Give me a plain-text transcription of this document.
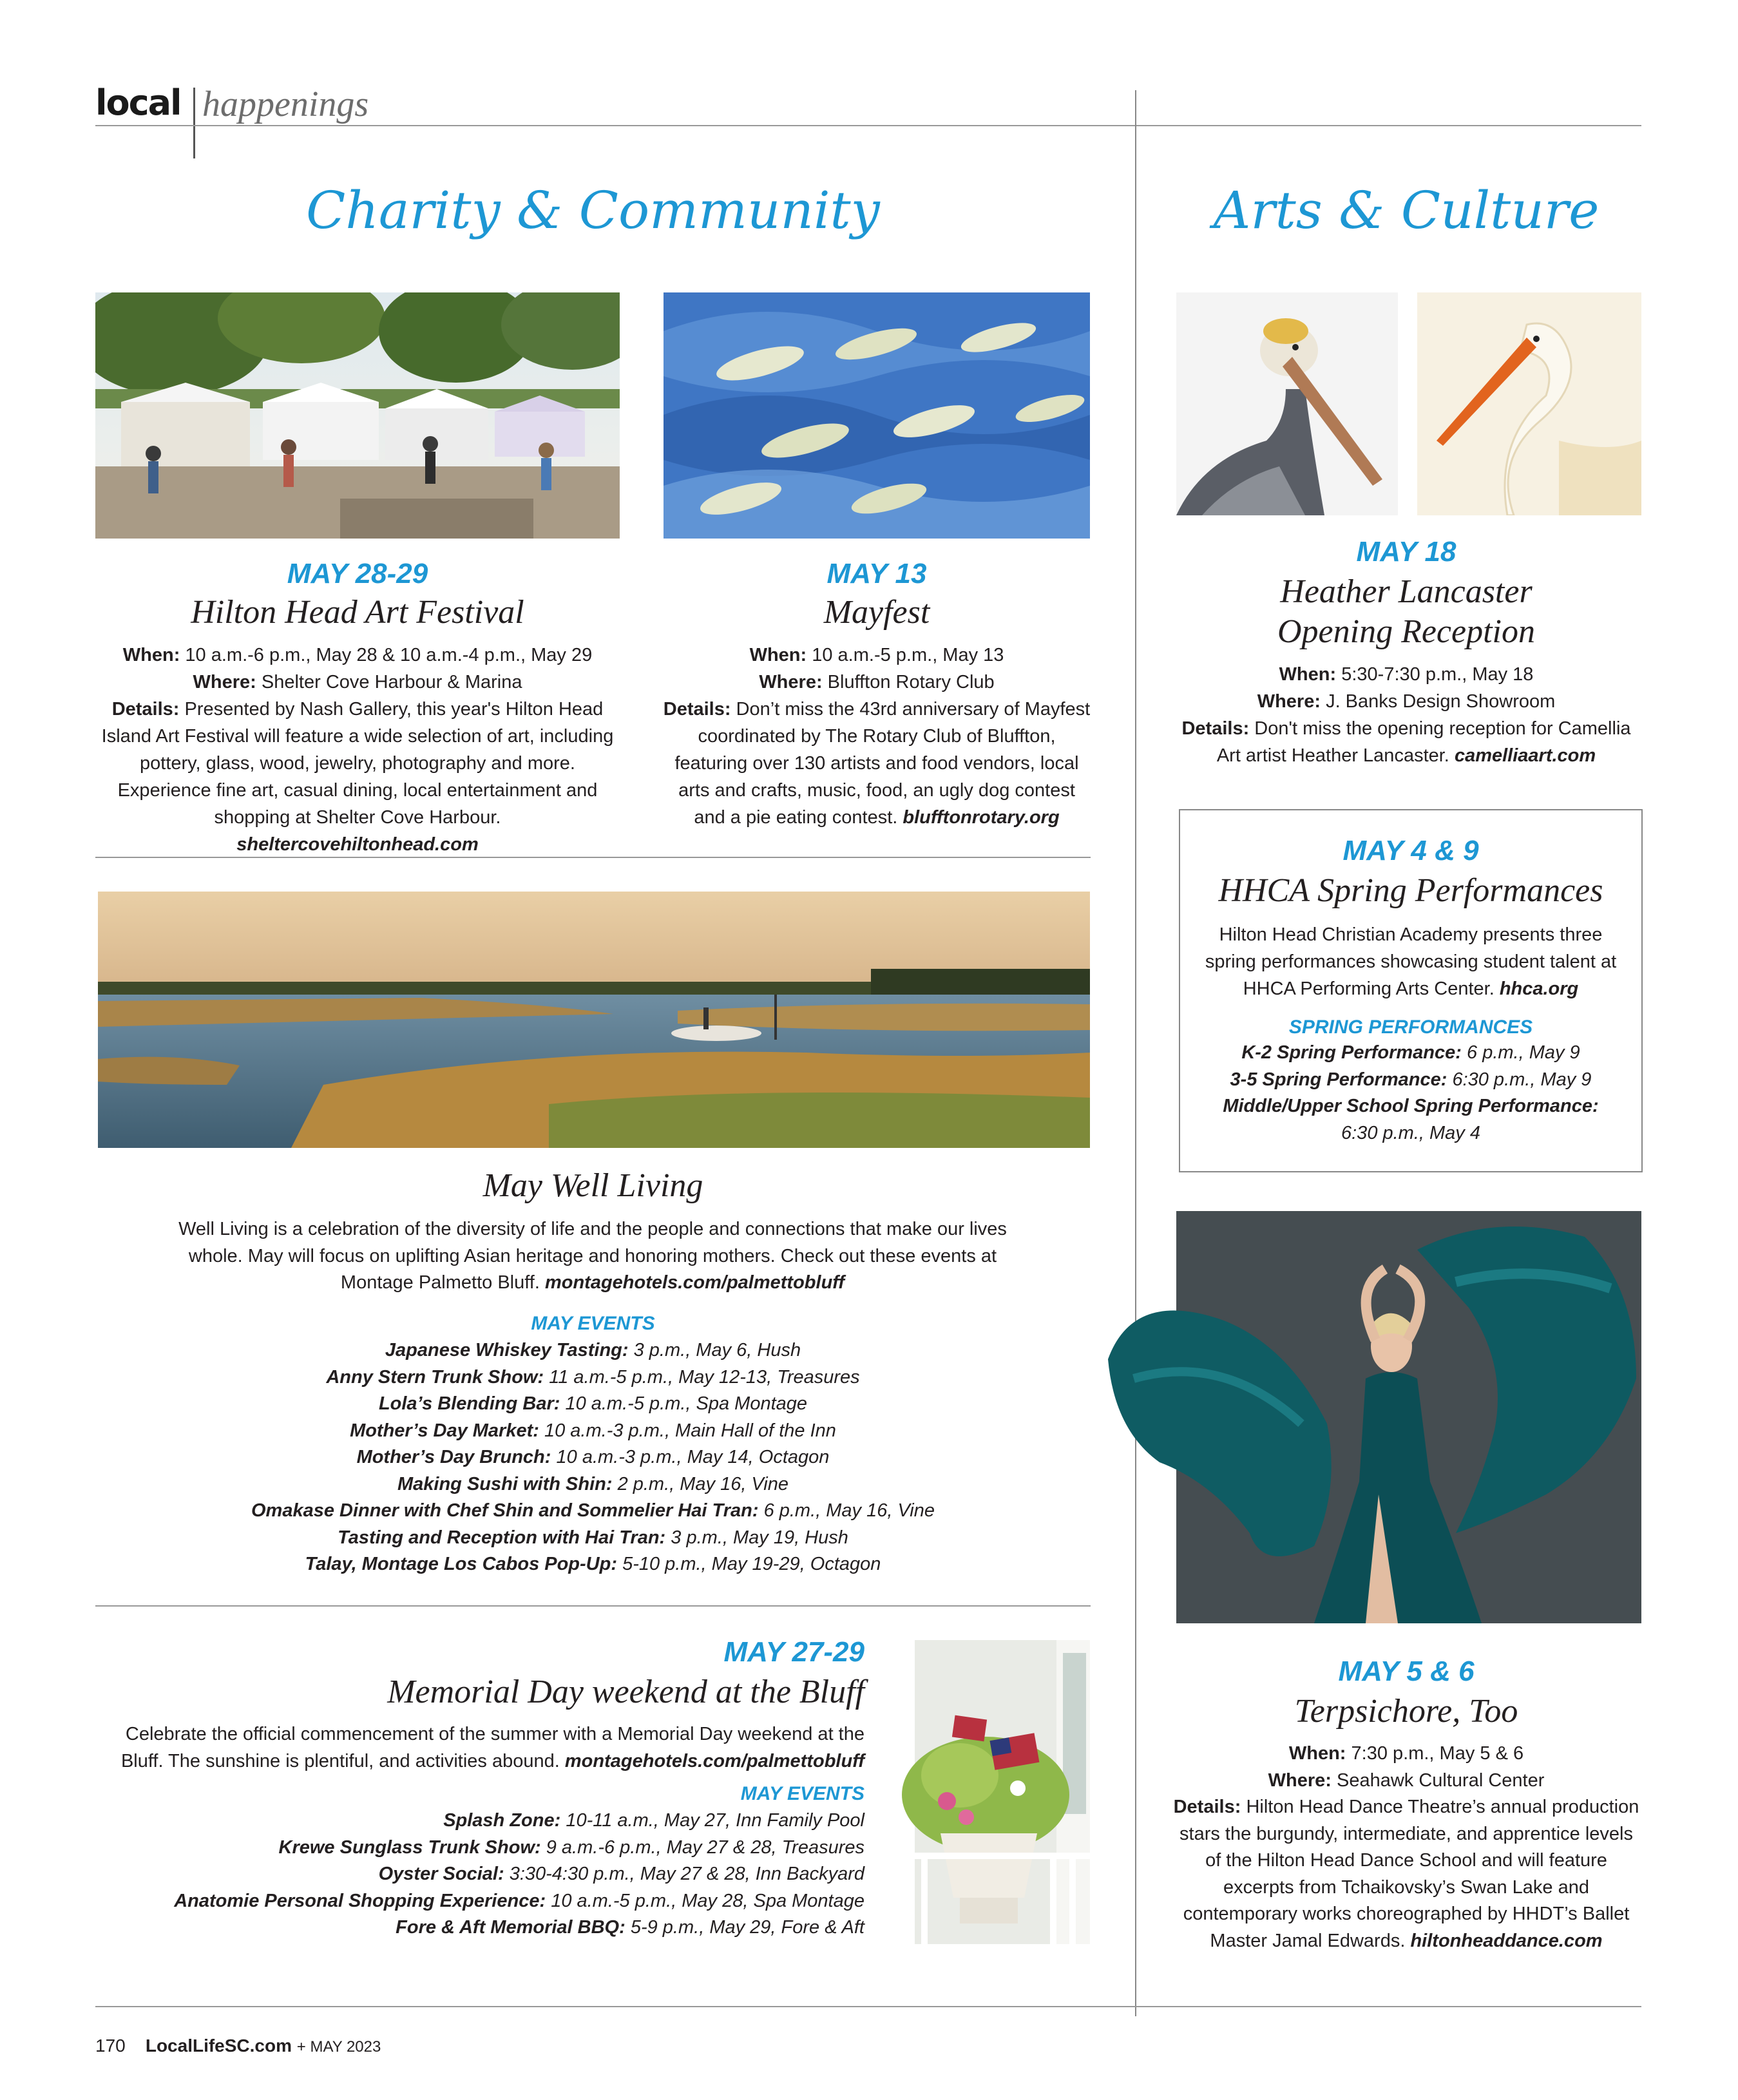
local happenings
Charity & Community	Arts & Culture
MAY 28-29
Hilton Head Art Festival
When: 10 a.m.-6 p.m., May 28 & 10 a.m.-4 p.m., May 29
Where: Shelter Cove Harbour & Marina
Details: Presented by Nash Gallery, this year's Hilton Head Island Art Festival will feature a wide selection of art, including pottery, glass, wood, jewelry, photography and more. Experience fine art, casual dining, local entertainment and shopping at Shelter Cove Harbour. sheltercovehiltonhead.com
MAY 13
Mayfest
When: 10 a.m.-5 p.m., May 13
Where: Bluffton Rotary Club
Details: Don’t miss the 43rd anniversary of Mayfest coordinated by The Rotary Club of Bluffton, featuring over 130 artists and food vendors, local arts and crafts, music, food, an ugly dog contest and a pie eating contest. blufftonrotary.org
May Well Living
Well Living is a celebration of the diversity of life and the people and connections that make our lives whole. May will focus on uplifting Asian heritage and honoring mothers. Check out these events at Montage Palmetto Bluff. montagehotels.com/palmettobluff
MAY EVENTS
Japanese Whiskey Tasting: 3 p.m., May 6, Hush
Anny Stern Trunk Show: 11 a.m.-5 p.m., May 12-13, Treasures
Lola’s Blending Bar: 10 a.m.-5 p.m., Spa Montage
Mother’s Day Market: 10 a.m.-3 p.m., Main Hall of the Inn
Mother’s Day Brunch: 10 a.m.-3 p.m., May 14, Octagon
Making Sushi with Shin: 2 p.m., May 16, Vine
Omakase Dinner with Chef Shin and Sommelier Hai Tran: 6 p.m., May 16, Vine
Tasting and Reception with Hai Tran: 3 p.m., May 19, Hush
Talay, Montage Los Cabos Pop-Up: 5-10 p.m., May 19-29, Octagon
MAY 27-29
Memorial Day weekend at the Bluff
Celebrate the official commencement of the summer with a Memorial Day weekend at the Bluff. The sunshine is plentiful, and activities abound. montagehotels.com/palmettobluff
MAY EVENTS
Splash Zone: 10-11 a.m., May 27, Inn Family Pool
Krewe Sunglass Trunk Show: 9 a.m.-6 p.m., May 27 & 28, Treasures
Oyster Social: 3:30-4:30 p.m., May 27 & 28, Inn Backyard
Anatomie Personal Shopping Experience: 10 a.m.-5 p.m., May 28, Spa Montage
Fore & Aft Memorial BBQ: 5-9 p.m., May 29, Fore & Aft
MAY 18
Heather Lancaster
Opening Reception
When: 5:30-7:30 p.m., May 18
Where: J. Banks Design Showroom
Details: Don't miss the opening reception for Camellia Art artist Heather Lancaster. camelliaart.com
MAY 4 & 9
HHCA Spring Performances
Hilton Head Christian Academy presents three spring performances showcasing student talent at HHCA Performing Arts Center. hhca.org
SPRING PERFORMANCES
K-2 Spring Performance: 6 p.m., May 9
3-5 Spring Performance: 6:30 p.m., May 9
Middle/Upper School Spring Performance:
6:30 p.m., May 4
MAY 5 & 6
Terpsichore, Too
When: 7:30 p.m., May 5 & 6
Where: Seahawk Cultural Center
Details: Hilton Head Dance Theatre’s annual production stars the burgundy, intermediate, and apprentice levels of the Hilton Head Dance School and will feature excerpts from Tchaikovsky’s Swan Lake and contemporary works choreographed by HHDT’s Ballet Master Jamal Edwards. hiltonheaddance.com
170 LocalLifeSC.com + MAY 2023
